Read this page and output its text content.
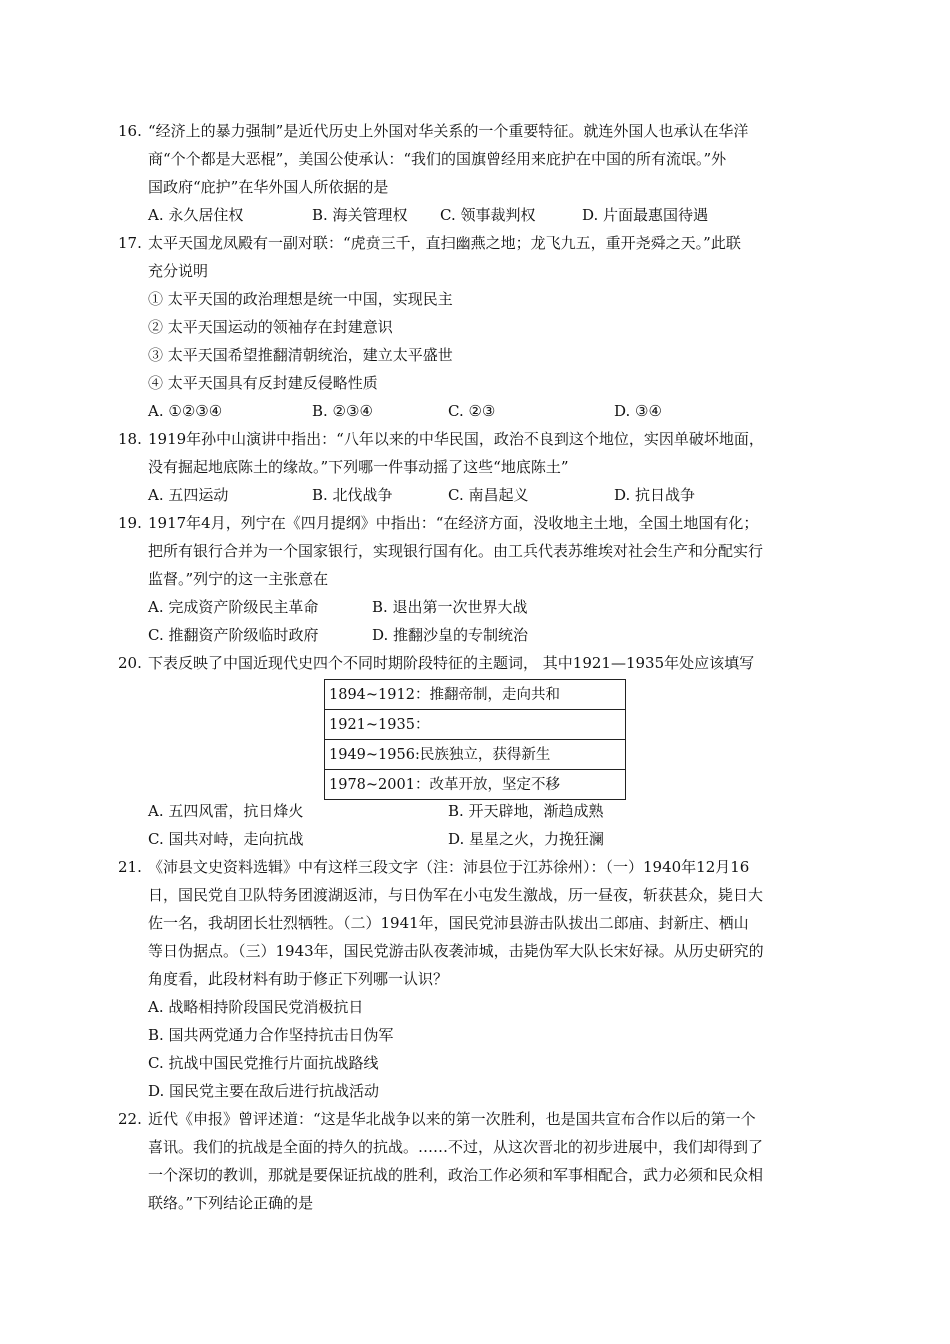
16. “经济上的暴力强制”是近代历史上外国对华关系的一个重要特征。就连外国人也承认在华洋
商“个个都是大恶棍”，美国公使承认：“我们的国旗曾经用来庇护在中国的所有流氓。”外
国政府“庇护”在华外国人所依据的是
A. 永久居住权	B. 海关管理权 C. 领事裁判权	D. 片面最惠国待遇
17. 太平天国龙凤殿有一副对联：“虎贲三千，直扫幽燕之地；龙飞九五，重开尧舜之天。”此联
充分说明
① 太平天国的政治理想是统一中国，实现民主
② 太平天国运动的领袖存在封建意识
③ 太平天国希望推翻清朝统治，建立太平盛世
④ 太平天国具有反封建反侵略性质
A. ①②③④	B. ②③④	C. ②③	D. ③④
18. 1919年孙中山演讲中指出：“八年以来的中华民国，政治不良到这个地位，实因单破坏地面，
没有掘起地底陈土的缘故。”下列哪一件事动摇了这些“地底陈土”
A. 五四运动	B. 北伐战争	C. 南昌起义	D. 抗日战争
19. 1917年4月，列宁在《四月提纲》中指出：“在经济方面，没收地主土地，全国土地国有化；
把所有银行合并为一个国家银行，实现银行国有化。由工兵代表苏维埃对社会生产和分配实行
监督。”列宁的这一主张意在
A. 完成资产阶级民主革命	B. 退出第一次世界大战
C. 推翻资产阶级临时政府	D. 推翻沙皇的专制统治
20. 下表反映了中国近现代史四个不同时期阶段特征的主题词， 其中1921—1935年处应该填写
1894~1912：推翻帝制，走向共和
1921~1935：
1949~1956:民族独立，获得新生
1978~2001：改革开放，坚定不移
A. 五四风雷，抗日烽火	B. 开天辟地，渐趋成熟
C. 国共对峙，走向抗战	D. 星星之火，力挽狂澜
21. 《沛县文史资料选辑》中有这样三段文字（注：沛县位于江苏徐州）：（一）1940年12月16
日，国民党自卫队特务团渡湖返沛，与日伪军在小屯发生激战，历一昼夜，斩获甚众，毙日大
佐一名，我胡团长壮烈牺牲。（二）1941年，国民党沛县游击队拔出二郎庙、封新庄、栖山
等日伪据点。（三）1943年，国民党游击队夜袭沛城，击毙伪军大队长宋好禄。从历史研究的
角度看，此段材料有助于修正下列哪一认识？
A. 战略相持阶段国民党消极抗日
B. 国共两党通力合作坚持抗击日伪军
C. 抗战中国民党推行片面抗战路线
D. 国民党主要在敌后进行抗战活动
22. 近代《申报》曾评述道：“这是华北战争以来的第一次胜利，也是国共宣布合作以后的第一个
喜讯。我们的抗战是全面的持久的抗战。……不过，从这次晋北的初步进展中，我们却得到了
一个深切的教训，那就是要保证抗战的胜利，政治工作必须和军事相配合，武力必须和民众相
联络。”下列结论正确的是
